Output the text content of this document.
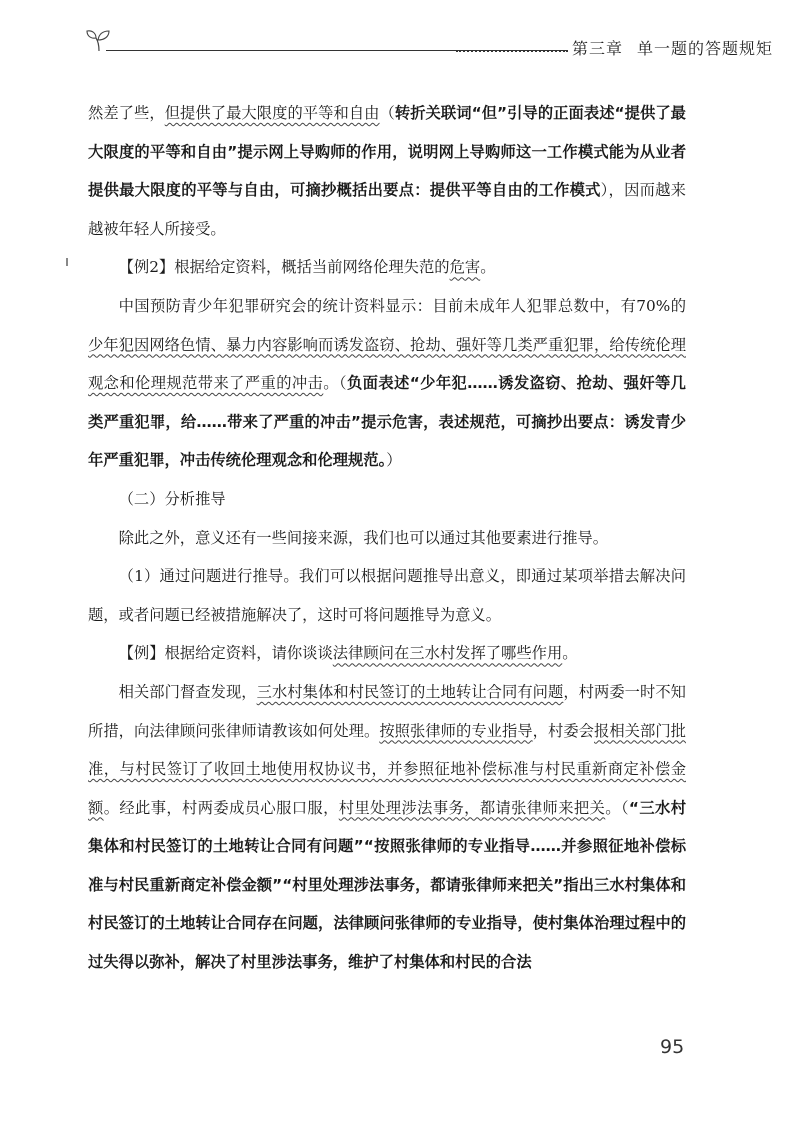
第三章 单一题的答题规矩

然差了些，但提供了最大限度的平等和自由（转折关联词“但”引导的正面表述“提供了最大限度的平等和自由”提示网上导购师的作用，说明网上导购师这一工作模式能为从业者提供最大限度的平等与自由，可摘抄概括出要点：提供平等自由的工作模式），因而越来越被年轻人所接受。

【例2】根据给定资料，概括当前网络伦理失范的危害。

中国预防青少年犯罪研究会的统计资料显示：目前未成年人犯罪总数中，有70%的少年犯因网络色情、暴力内容影响而诱发盗窃、抢劫、强奸等几类严重犯罪，给传统伦理观念和伦理规范带来了严重的冲击。（负面表述“少年犯……诱发盗窃、抢劫、强奸等几类严重犯罪，给……带来了严重的冲击”提示危害，表述规范，可摘抄出要点：诱发青少年严重犯罪，冲击传统伦理观念和伦理规范。）

（二）分析推导

除此之外，意义还有一些间接来源，我们也可以通过其他要素进行推导。

（1）通过问题进行推导。我们可以根据问题推导出意义，即通过某项举措去解决问题，或者问题已经被措施解决了，这时可将问题推导为意义。

【例】根据给定资料，请你谈谈法律顾问在三水村发挥了哪些作用。

相关部门督查发现，三水村集体和村民签订的土地转让合同有问题，村两委一时不知所措，向法律顾问张律师请教该如何处理。按照张律师的专业指导，村委会报相关部门批准，与村民签订了收回土地使用权协议书，并参照征地补偿标准与村民重新商定补偿金额。经此事，村两委成员心服口服，村里处理涉法事务，都请张律师来把关。（“三水村集体和村民签订的土地转让合同有问题”“按照张律师的专业指导……并参照征地补偿标准与村民重新商定补偿金额”“村里处理涉法事务，都请张律师来把关”指出三水村集体和村民签订的土地转让合同存在问题，法律顾问张律师的专业指导，使村集体治理过程中的过失得以弥补，解决了村里涉法事务，维护了村集体和村民的合法

95
